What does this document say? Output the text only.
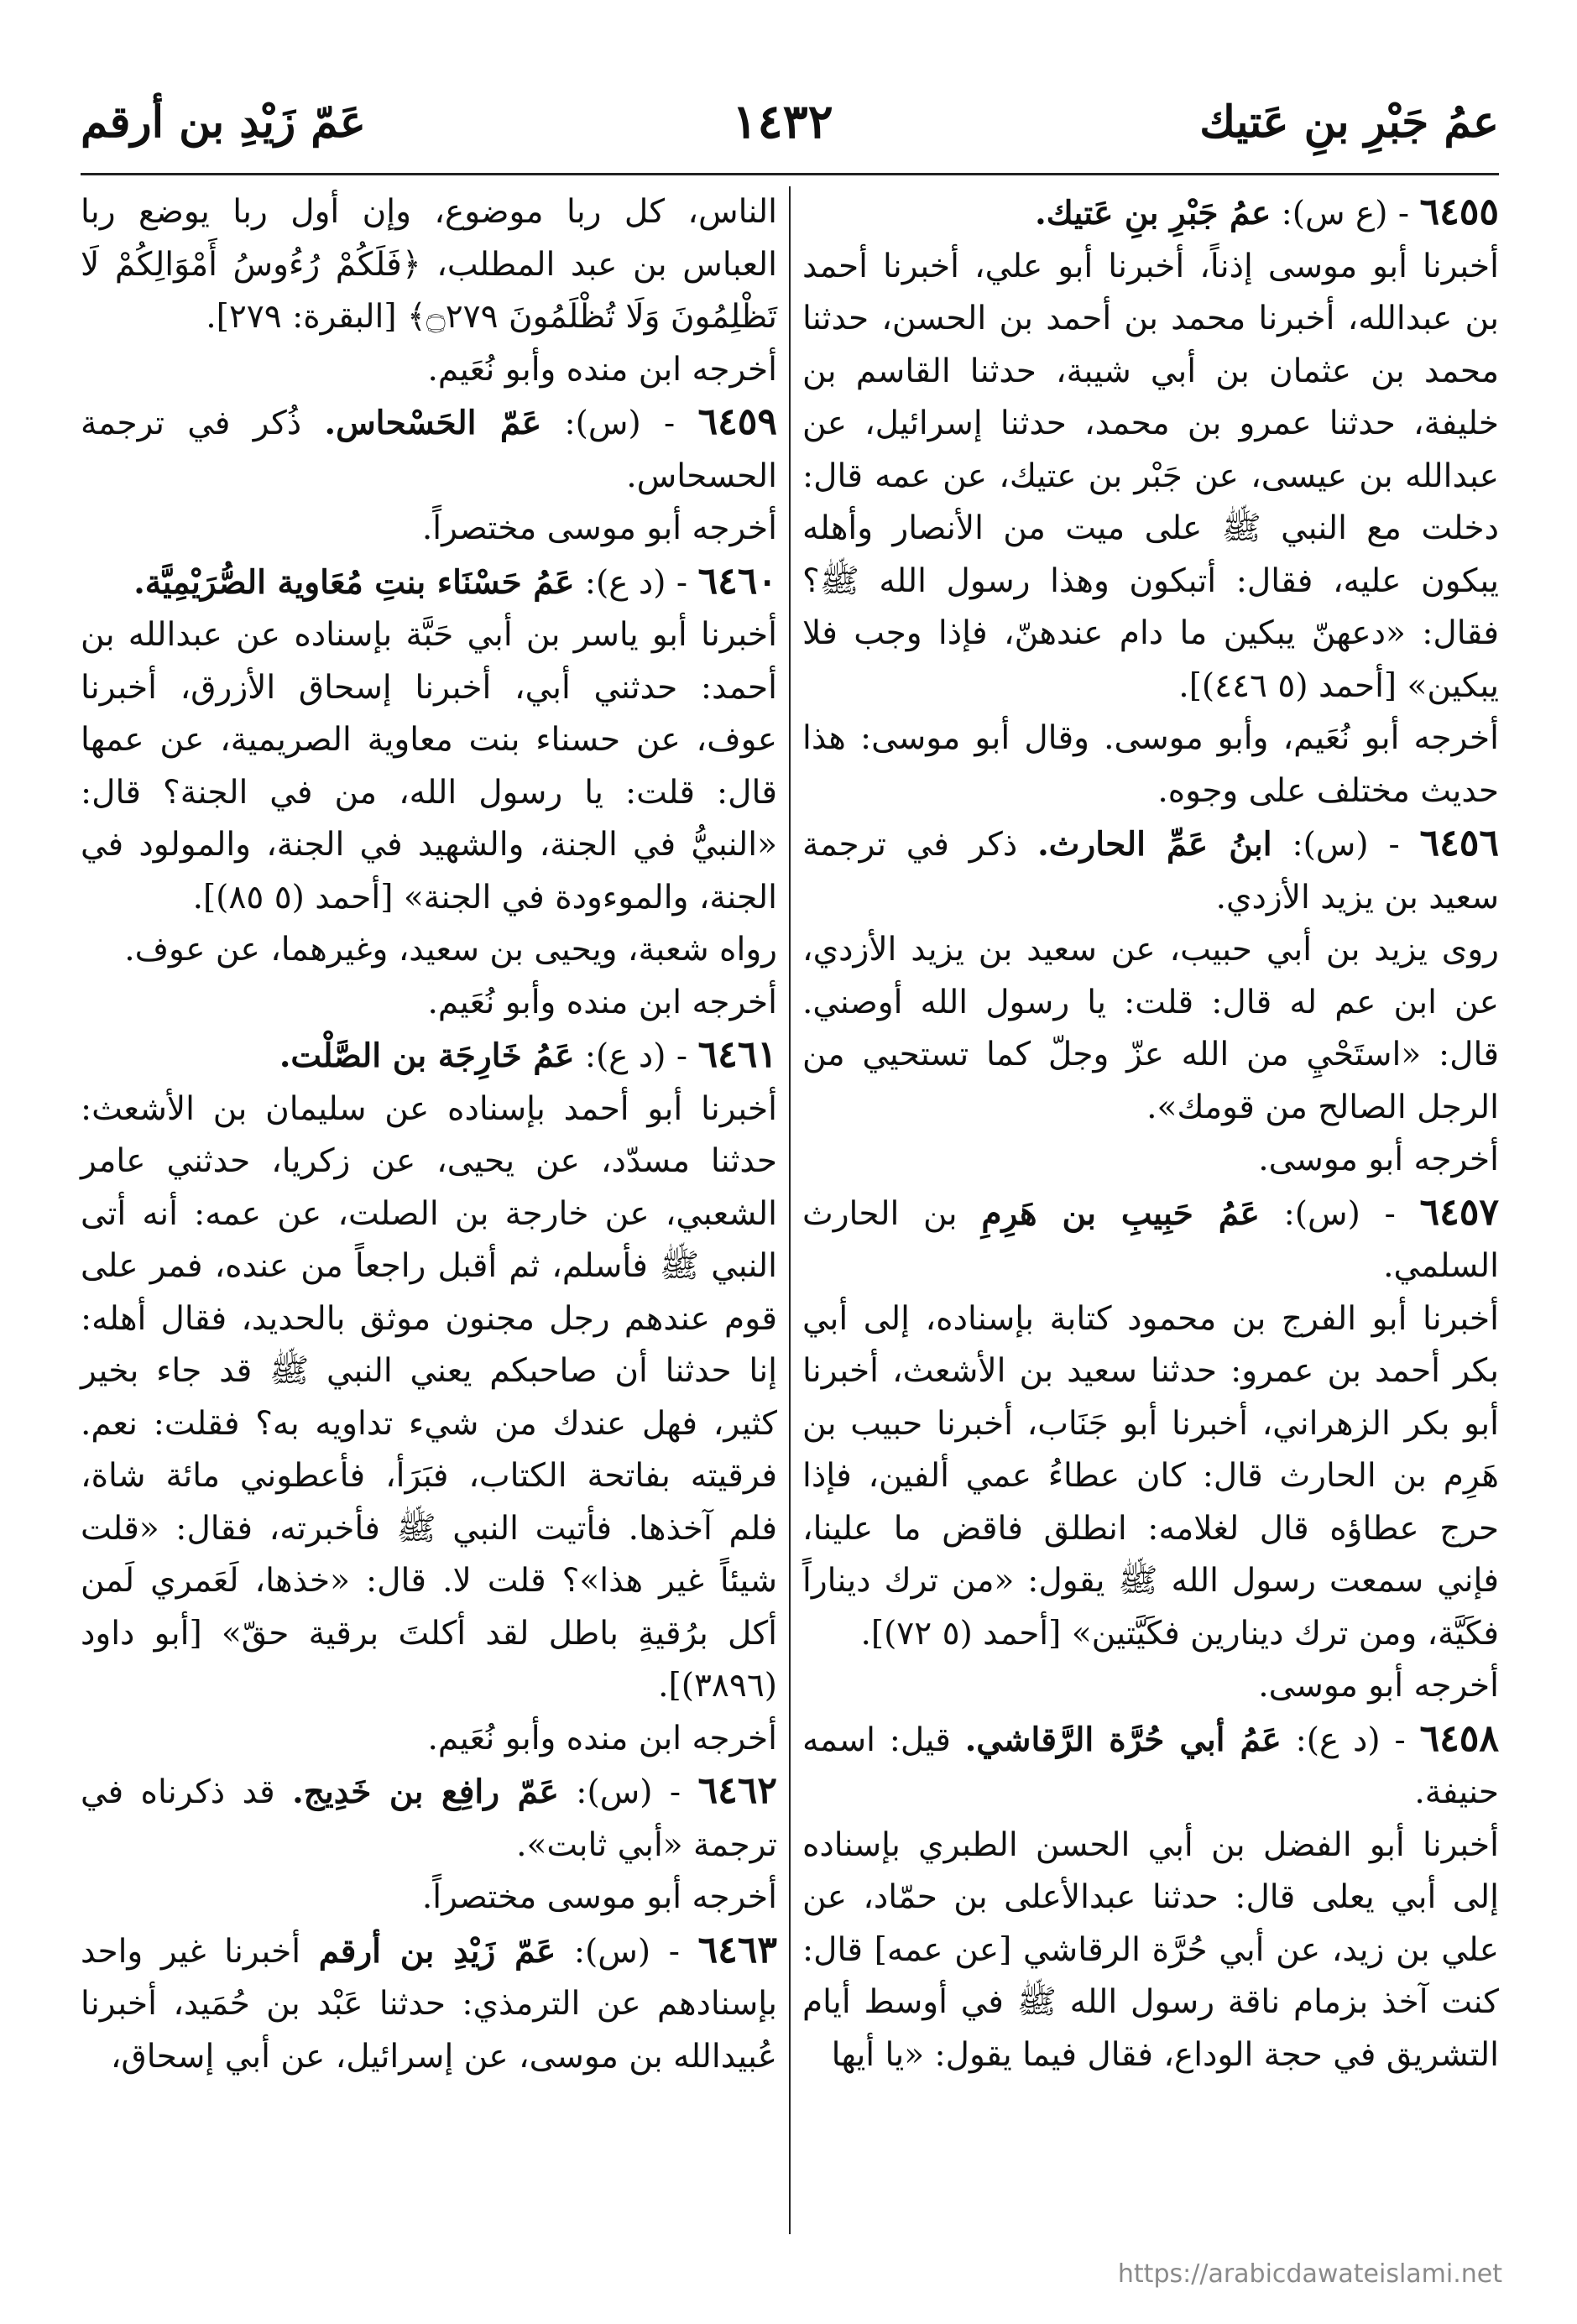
عمُ جَبْرِ بنِ عَتيك
١٤٣٢
عَمّ زَيْدِ بن أرقم

٦٤٥٥ - (ع س): عمُ جَبْرِ بنِ عَتيك.

أخبرنا أبو موسى إذناً، أخبرنا أبو علي، أخبرنا أحمد بن عبدالله، أخبرنا محمد بن أحمد بن الحسن، حدثنا محمد بن عثمان بن أبي شيبة، حدثنا القاسم بن خليفة، حدثنا عمرو بن محمد، حدثنا إسرائيل، عن عبدالله بن عيسى، عن جَبْر بن عتيك، عن عمه قال: دخلت مع النبي ﷺ على ميت من الأنصار وأهله يبكون عليه، فقال: أتبكون وهذا رسول الله ﷺ؟ فقال: «دعهنّ يبكين ما دام عندهنّ، فإذا وجب فلا يبكين» [أحمد (٥ ٤٤٦)].

أخرجه أبو نُعَيم، وأبو موسى. وقال أبو موسى: هذا حديث مختلف على وجوه.

٦٤٥٦ - (س): ابنُ عَمِّ الحارث. ذكر في ترجمة سعيد بن يزيد الأزدي.

روى يزيد بن أبي حبيب، عن سعيد بن يزيد الأزدي، عن ابن عم له قال: قلت: يا رسول الله أوصني. قال: «استَحْيِ من الله عزّ وجلّ كما تستحيي من الرجل الصالح من قومك».

أخرجه أبو موسى.

٦٤٥٧ - (س): عَمُ حَبِيبِ بن هَرِمِ بن الحارث السلمي.

أخبرنا أبو الفرج بن محمود كتابة بإسناده، إلى أبي بكر أحمد بن عمرو: حدثنا سعيد بن الأشعث، أخبرنا أبو بكر الزهراني، أخبرنا أبو جَنَاب، أخبرنا حبيب بن هَرِم بن الحارث قال: كان عطاءُ عمي ألفين، فإذا حرج عطاؤه قال لغلامه: انطلق فاقض ما علينا، فإني سمعت رسول الله ﷺ يقول: «من ترك ديناراً فكَيَّة، ومن ترك دينارين فكَيَّتين» [أحمد (٥ ٧٢)].

أخرجه أبو موسى.

٦٤٥٨ - (د ع): عَمُ أبي حُرَّة الرَّقاشي. قيل: اسمه حنيفة.

أخبرنا أبو الفضل بن أبي الحسن الطبري بإسناده إلى أبي يعلى قال: حدثنا عبدالأعلى بن حمّاد، عن علي بن زيد، عن أبي حُرَّة الرقاشي [عن عمه] قال: كنت آخذ بزمام ناقة رسول الله ﷺ في أوسط أيام التشريق في حجة الوداع، فقال فيما يقول: «يا أيها

الناس، كل ربا موضوع، وإن أول ربا يوضع ربا العباس بن عبد المطلب، ﴿فَلَكُمْ رُءُوسُ أَمْوَالِكُمْ لَا تَظْلِمُونَ وَلَا تُظْلَمُونَ ۝٢٧٩﴾ [البقرة: ٢٧٩].

أخرجه ابن منده وأبو نُعَيم.

٦٤٥٩ - (س): عَمّ الحَسْحاس. ذُكر في ترجمة الحسحاس.

أخرجه أبو موسى مختصراً.

٦٤٦٠ - (د ع): عَمُ حَسْنَاء بنتِ مُعَاوية الصُّرَيْمِيَّة.

أخبرنا أبو ياسر بن أبي حَبَّة بإسناده عن عبدالله بن أحمد: حدثني أبي، أخبرنا إسحاق الأزرق، أخبرنا عوف، عن حسناء بنت معاوية الصريمية، عن عمها قال: قلت: يا رسول الله، من في الجنة؟ قال: «النبيُّ في الجنة، والشهيد في الجنة، والمولود في الجنة، والموءودة في الجنة» [أحمد (٥ ٨٥)].

رواه شعبة، ويحيى بن سعيد، وغيرهما، عن عوف.

أخرجه ابن منده وأبو نُعَيم.

٦٤٦١ - (د ع): عَمُ خَارِجَة بن الصَّلْت.

أخبرنا أبو أحمد بإسناده عن سليمان بن الأشعث: حدثنا مسدّد، عن يحيى، عن زكريا، حدثني عامر الشعبي، عن خارجة بن الصلت، عن عمه: أنه أتى النبي ﷺ فأسلم، ثم أقبل راجعاً من عنده، فمر على قوم عندهم رجل مجنون موثق بالحديد، فقال أهله: إنا حدثنا أن صاحبكم يعني النبي ﷺ قد جاء بخير كثير، فهل عندك من شيء تداويه به؟ فقلت: نعم. فرقيته بفاتحة الكتاب، فبَرَأ، فأعطوني مائة شاة، فلم آخذها. فأتيت النبي ﷺ فأخبرته، فقال: «قلت شيئاً غير هذا»؟ قلت لا. قال: «خذها، لَعَمري لَمن أكل برُقيةِ باطل لقد أكلتَ برقية حقّ» [أبو داود (٣٨٩٦)].

أخرجه ابن منده وأبو نُعَيم.

٦٤٦٢ - (س): عَمّ رافِع بن خَدِيج. قد ذكرناه في ترجمة «أبي ثابت».

أخرجه أبو موسى مختصراً.

٦٤٦٣ - (س): عَمّ زَيْدِ بن أرقم أخبرنا غير واحد بإسنادهم عن الترمذي: حدثنا عَبْد بن حُمَيد، أخبرنا عُبيدالله بن موسى، عن إسرائيل، عن أبي إسحاق،

https://arabicdawateislami.net
